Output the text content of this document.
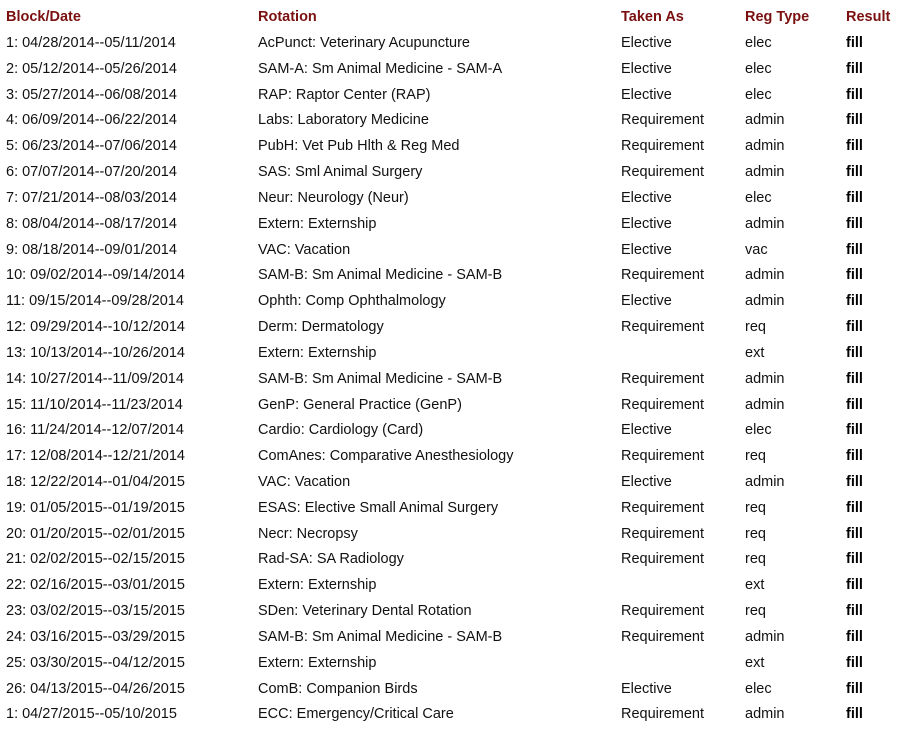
Block/Date	Rotation	Taken As	Reg Type	Result
1: 04/28/2014--05/11/2014	AcPunct: Veterinary Acupuncture	Elective	elec	fill
2: 05/12/2014--05/26/2014	SAM-A: Sm Animal Medicine - SAM-A	Elective	elec	fill
3: 05/27/2014--06/08/2014	RAP: Raptor Center (RAP)	Elective	elec	fill
4: 06/09/2014--06/22/2014	Labs: Laboratory Medicine	Requirement	admin	fill
5: 06/23/2014--07/06/2014	PubH: Vet Pub Hlth & Reg Med	Requirement	admin	fill
6: 07/07/2014--07/20/2014	SAS: Sml Animal Surgery	Requirement	admin	fill
7: 07/21/2014--08/03/2014	Neur: Neurology (Neur)	Elective	elec	fill
8: 08/04/2014--08/17/2014	Extern: Externship	Elective	admin	fill
9: 08/18/2014--09/01/2014	VAC: Vacation	Elective	vac	fill
10: 09/02/2014--09/14/2014	SAM-B: Sm Animal Medicine - SAM-B	Requirement	admin	fill
11: 09/15/2014--09/28/2014	Ophth: Comp Ophthalmology	Elective	admin	fill
12: 09/29/2014--10/12/2014	Derm: Dermatology	Requirement	req	fill
13: 10/13/2014--10/26/2014	Extern: Externship		ext	fill
14: 10/27/2014--11/09/2014	SAM-B: Sm Animal Medicine - SAM-B	Requirement	admin	fill
15: 11/10/2014--11/23/2014	GenP: General Practice (GenP)	Requirement	admin	fill
16: 11/24/2014--12/07/2014	Cardio: Cardiology (Card)	Elective	elec	fill
17: 12/08/2014--12/21/2014	ComAnes: Comparative Anesthesiology	Requirement	req	fill
18: 12/22/2014--01/04/2015	VAC: Vacation	Elective	admin	fill
19: 01/05/2015--01/19/2015	ESAS: Elective Small Animal Surgery	Requirement	req	fill
20: 01/20/2015--02/01/2015	Necr: Necropsy	Requirement	req	fill
21: 02/02/2015--02/15/2015	Rad-SA: SA Radiology	Requirement	req	fill
22: 02/16/2015--03/01/2015	Extern: Externship		ext	fill
23: 03/02/2015--03/15/2015	SDen: Veterinary Dental Rotation	Requirement	req	fill
24: 03/16/2015--03/29/2015	SAM-B: Sm Animal Medicine - SAM-B	Requirement	admin	fill
25: 03/30/2015--04/12/2015	Extern: Externship		ext	fill
26: 04/13/2015--04/26/2015	ComB: Companion Birds	Elective	elec	fill
1: 04/27/2015--05/10/2015	ECC: Emergency/Critical Care	Requirement	admin	fill
